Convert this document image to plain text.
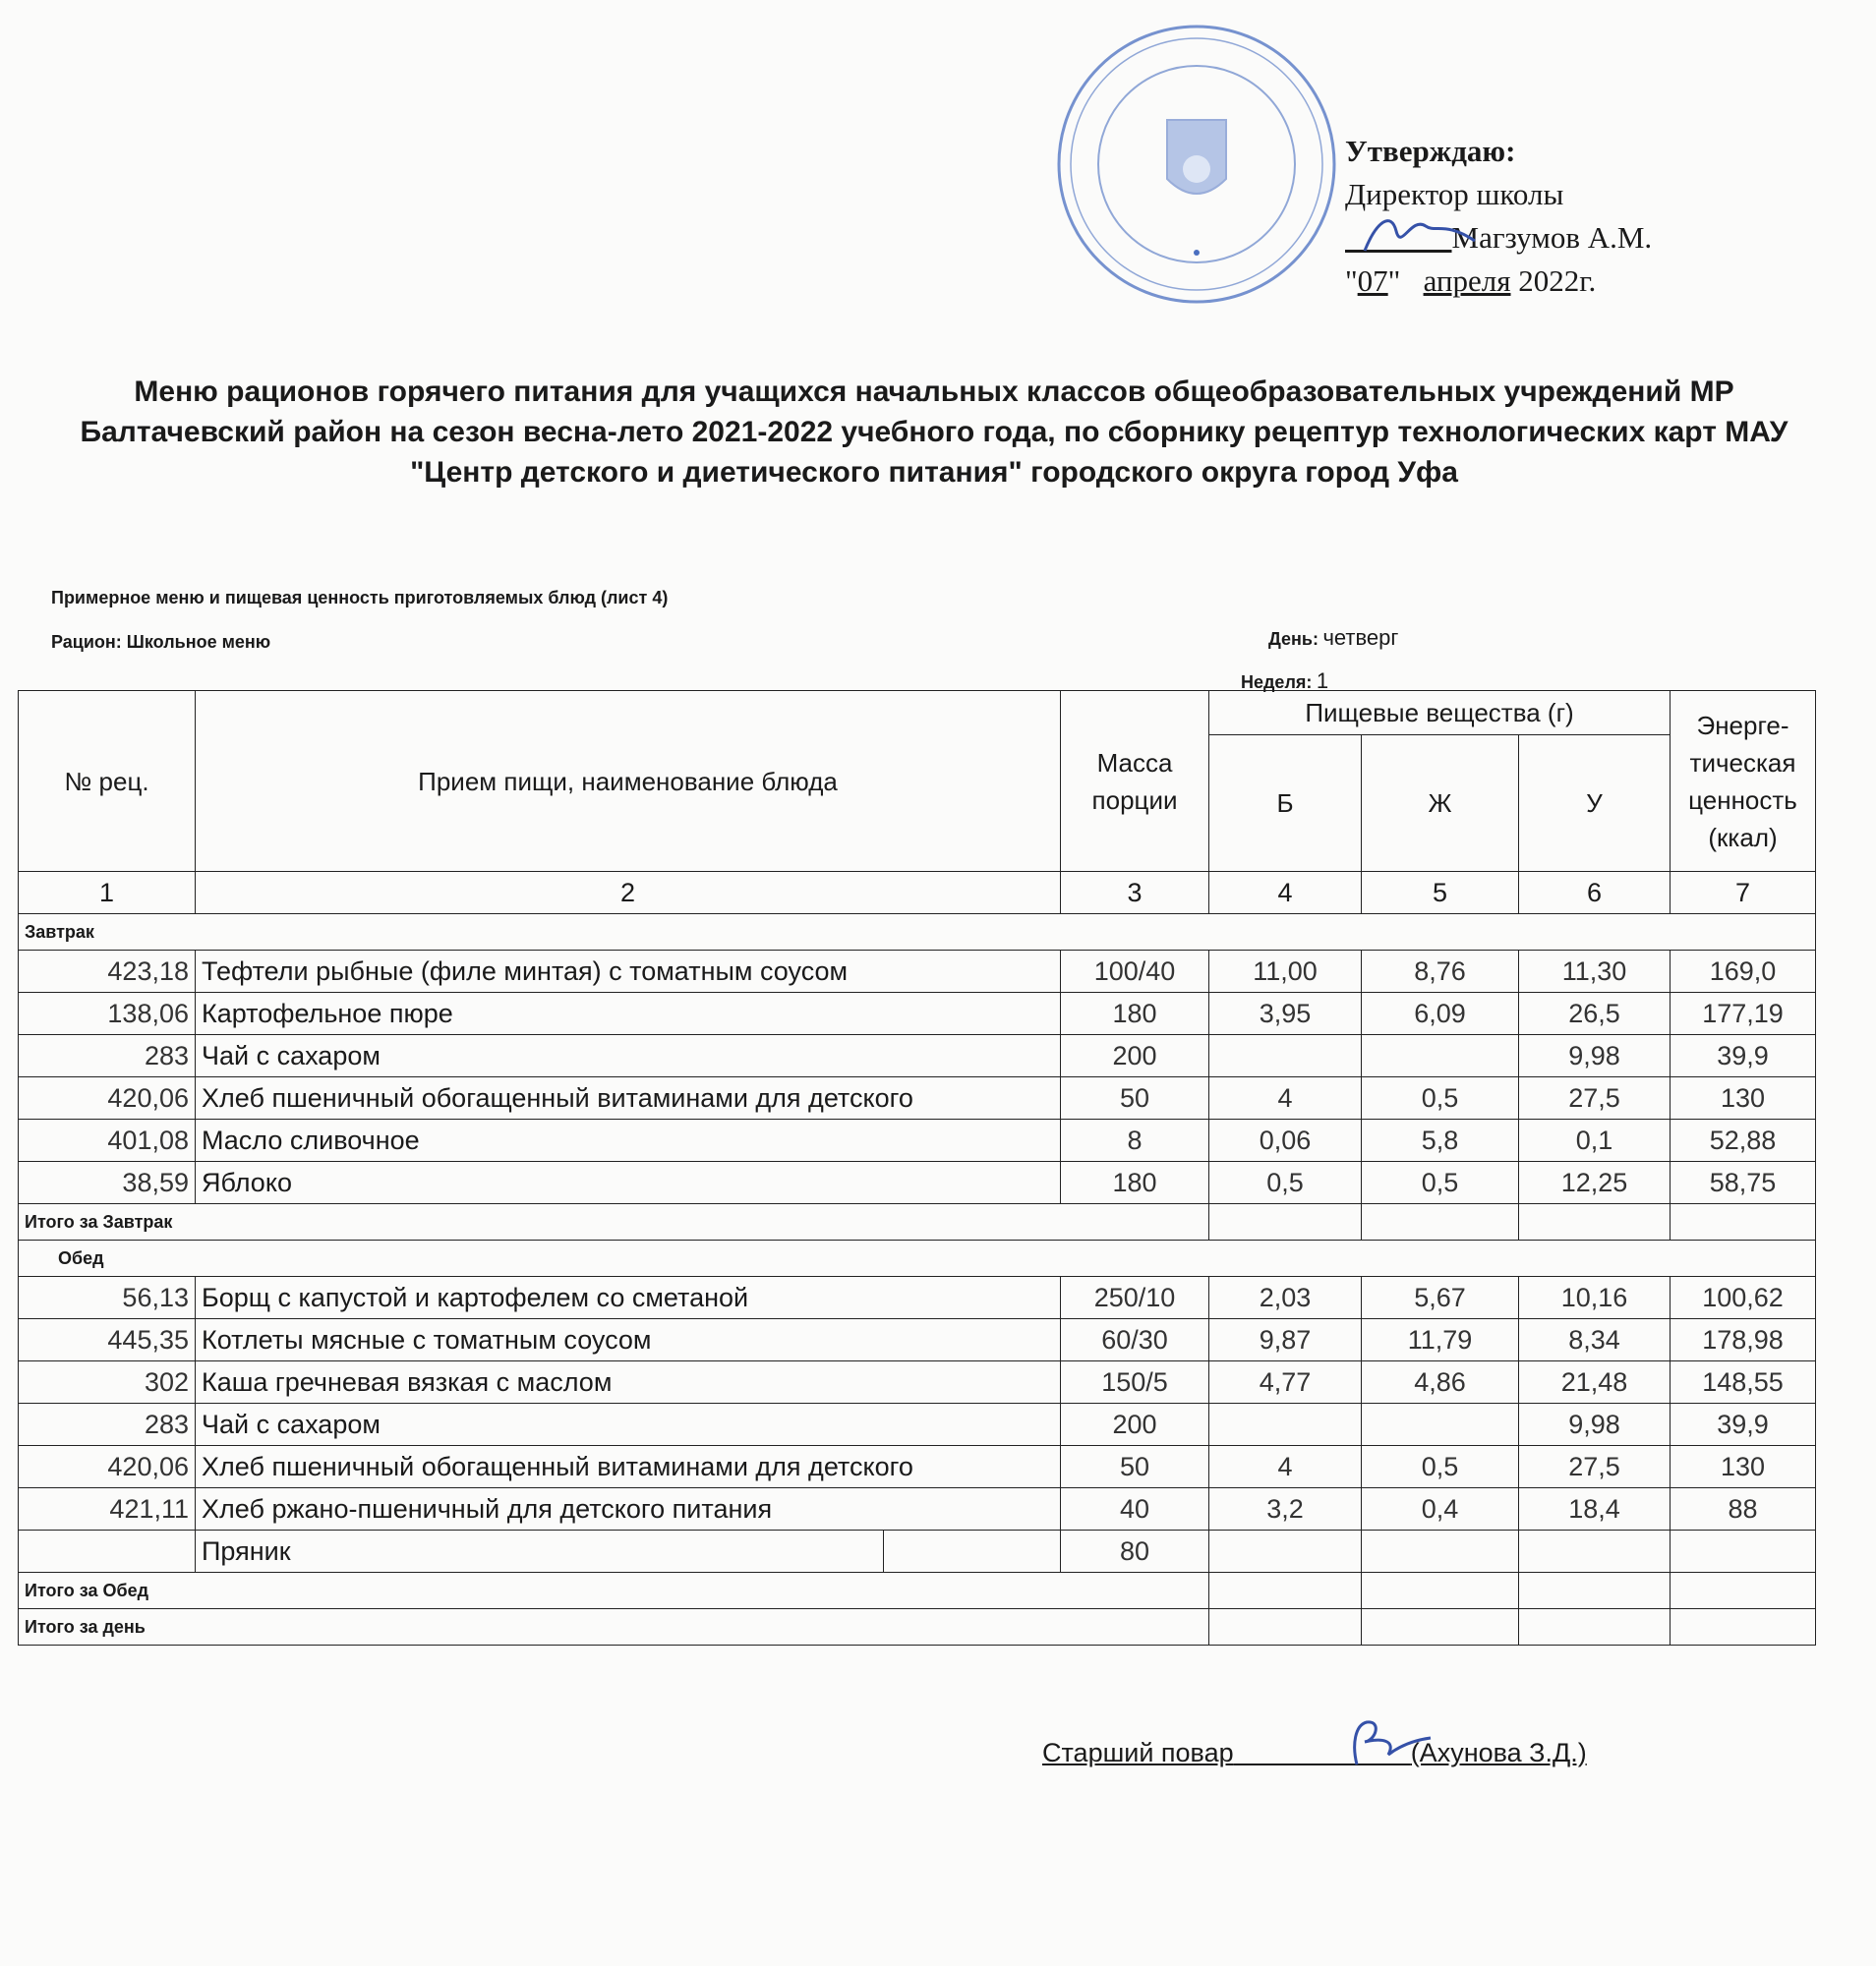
Утверждаю:
Директор школы
Магзумов А.М.
"07"   апреля 2022г.
Меню рационов горячего питания для учащихся начальных классов общеобразовательных учреждений МР Балтачевский район на сезон весна-лето 2021-2022 учебного года, по сборнику рецептур технологических карт МАУ "Центр детского и диетического питания" городского округа город Уфа
Примерное меню и пищевая ценность приготовляемых блюд (лист 4)
Рацион: Школьное меню	День: четверг
Неделя: 1
№ рец.	Прием пищи, наименование блюда		Масса порции	Пищевые вещества (г)			Энерге-тическая ценность (ккал)
				Б	Ж	У	
1	2		3	4	5	6	7
Завтрак							
423,18	Тефтели рыбные (филе минтая) с томатным соусом		100/40	11,00	8,76	11,30	169,0
138,06	Картофельное пюре		180	3,95	6,09	26,5	177,19
283	Чай с сахаром		200			9,98	39,9
420,06	Хлеб пшеничный обогащенный витаминами для детского		50	4	0,5	27,5	130
401,08	Масло сливочное		8	0,06	5,8	0,1	52,88
38,59	Яблоко		180	0,5	0,5	12,25	58,75
Итого за Завтрак							
Обед							
56,13	Борщ с капустой и картофелем со сметаной		250/10	2,03	5,67	10,16	100,62
445,35	Котлеты мясные с томатным соусом		60/30	9,87	11,79	8,34	178,98
302	Каша гречневая вязкая с маслом		150/5	4,77	4,86	21,48	148,55
283	Чай с сахаром		200			9,98	39,9
420,06	Хлеб пшеничный обогащенный витаминами для детского		50	4	0,5	27,5	130
421,11	Хлеб ржано-пшеничный для детского питания		40	3,2	0,4	18,4	88
	Пряник		80				
Итого за Обед							
Итого за день							
Старший повар	(Ахунова З.Д.)
